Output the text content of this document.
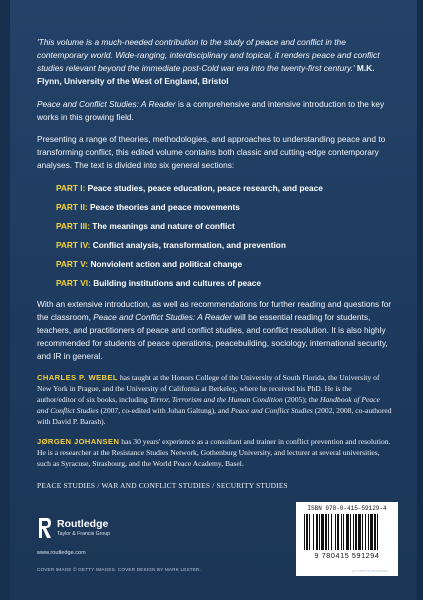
'This volume is a much-needed contribution to the study of peace and conflict in the contemporary world. Wide-ranging, interdisciplinary and topical, it renders peace and conflict studies relevant beyond the immediate post-Cold war era into the twenty-first century.' M.K. Flynn, University of the West of England, Bristol

Peace and Conflict Studies: A Reader is a comprehensive and intensive introduction to the key works in this growing field.

Presenting a range of theories, methodologies, and approaches to understanding peace and to transforming conflict, this edited volume contains both classic and cutting-edge contemporary analyses. The text is divided into six general sections:

PART I: Peace studies, peace education, peace research, and peace
PART II: Peace theories and peace movements
PART III: The meanings and nature of conflict
PART IV: Conflict analysis, transformation, and prevention
PART V: Nonviolent action and political change
PART VI: Building institutions and cultures of peace

With an extensive introduction, as well as recommendations for further reading and questions for the classroom, Peace and Conflict Studies: A Reader will be essential reading for students, teachers, and practitioners of peace and conflict studies, and conflict resolution. It is also highly recommended for students of peace operations, peacebuilding, sociology, international security, and IR in general.

CHARLES P. WEBEL has taught at the Honors College of the University of South Florida, the University of New York in Prague, and the University of California at Berkeley, where he received his PhD. He is the author/editor of six books, including Terror, Terrorism and the Human Condition (2005); the Handbook of Peace and Conflict Studies (2007, co-edited with Johan Galtung), and Peace and Conflict Studies (2002, 2008, co-authored with David P. Barash).

JØRGEN JOHANSEN has 30 years' experience as a consultant and trainer in conflict prevention and resolution. He is a researcher at the Resistance Studies Network, Gothenburg University, and lecturer at several universities, such as Syracuse, Strasbourg, and the World Peace Academy, Basel.

PEACE STUDIES / WAR AND CONFLICT STUDIES / SECURITY STUDIES

Routledge
Taylor & Francis Group
www.routledge.com
COVER IMAGE © GETTY IMAGES. COVER DESIGN BY MARK LESTER.
ISBN 978-0-415-59129-4
9 780415 591294
an informa business
